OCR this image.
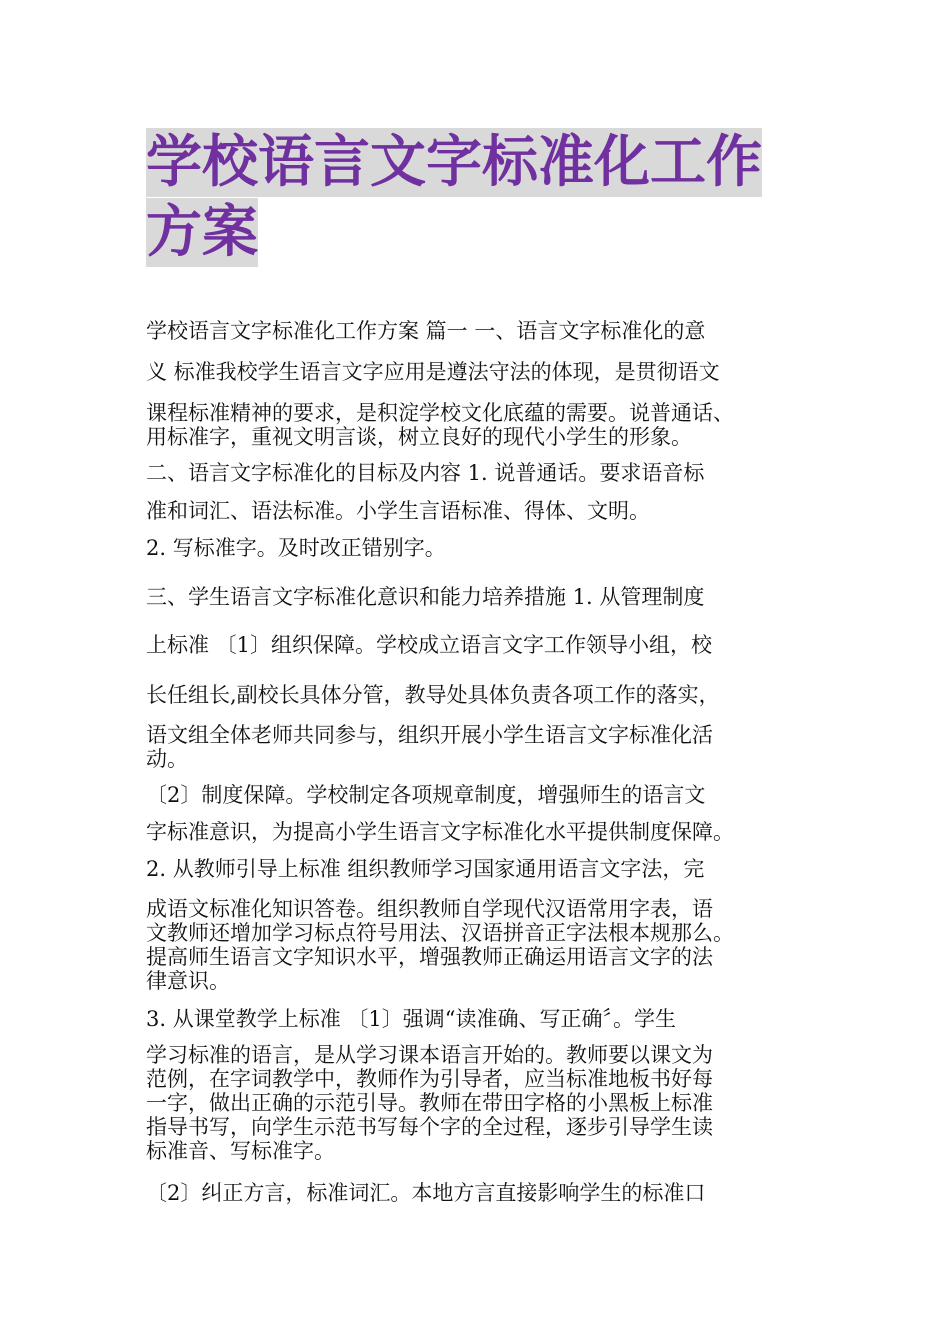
学校语言文字标准化工作方案

学校语言文字标准化工作方案 篇一 一、语言文字标准化的意

义 标准我校学生语言文字应用是遵法守法的体现，是贯彻语文

课程标准精神的要求，是积淀学校文化底蕴的需要。说普通话、

用标准字，重视文明言谈，树立良好的现代小学生的形象。

二、语言文字标准化的目标及内容 1. 说普通话。要求语音标

准和词汇、语法标准。小学生言语标准、得体、文明。

2. 写标准字。及时改正错别字。

三、学生语言文字标准化意识和能力培养措施 1. 从管理制度

上标准 〔1〕组织保障。学校成立语言文字工作领导小组，校

长任组长,副校长具体分管，教导处具体负责各项工作的落实，

语文组全体老师共同参与，组织开展小学生语言文字标准化活

动。

〔2〕制度保障。学校制定各项规章制度，增强师生的语言文

字标准意识，为提高小学生语言文字标准化水平提供制度保障。

2. 从教师引导上标准 组织教师学习国家通用语言文字法，完

成语文标准化知识答卷。组织教师自学现代汉语常用字表，语

文教师还增加学习标点符号用法、汉语拼音正字法根本规那么。

提高师生语言文字知识水平，增强教师正确运用语言文字的法

律意识。

3. 从课堂教学上标准 〔1〕强调“读准确、写正确〞。学生

学习标准的语言，是从学习课本语言开始的。教师要以课文为

范例，在字词教学中，教师作为引导者，应当标准地板书好每

一字，做出正确的示范引导。教师在带田字格的小黑板上标准

指导书写，向学生示范书写每个字的全过程，逐步引导学生读

标准音、写标准字。

〔2〕纠正方言，标准词汇。本地方言直接影响学生的标准口
